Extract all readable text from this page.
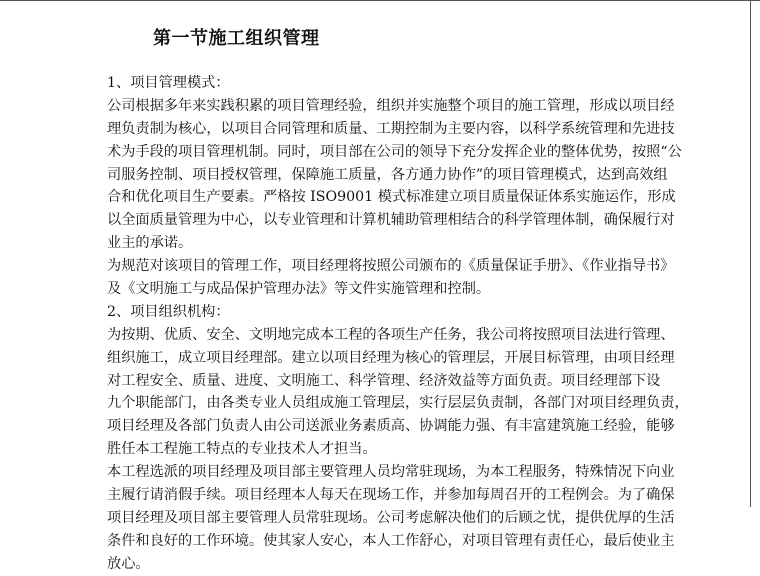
第一节施工组织管理
1、项目管理模式：
公司根据多年来实践积累的项目管理经验，组织并实施整个项目的施工管理，形成以项目经
理负责制为核心，以项目合同管理和质量、工期控制为主要内容，以科学系统管理和先进技
术为手段的项目管理机制。同时，项目部在公司的领导下充分发挥企业的整体优势，按照“公
司服务控制、项目授权管理，保障施工质量，各方通力协作”的项目管理模式，达到高效组
合和优化项目生产要素。严格按 ISO9001 模式标准建立项目质量保证体系实施运作，形成
以全面质量管理为中心，以专业管理和计算机辅助管理相结合的科学管理体制，确保履行对
业主的承诺。
为规范对该项目的管理工作，项目经理将按照公司颁布的《质量保证手册》、《作业指导书》
及《文明施工与成品保护管理办法》等文件实施管理和控制。
2、项目组织机构：
为按期、优质、安全、文明地完成本工程的各项生产任务，我公司将按照项目法进行管理、
组织施工，成立项目经理部。建立以项目经理为核心的管理层，开展目标管理，由项目经理
对工程安全、质量、进度、文明施工、科学管理、经济效益等方面负责。项目经理部下设
九个职能部门，由各类专业人员组成施工管理层，实行层层负责制，各部门对项目经理负责，
项目经理及各部门负责人由公司送派业务素质高、协调能力强、有丰富建筑施工经验，能够
胜任本工程施工特点的专业技术人才担当。
本工程选派的项目经理及项目部主要管理人员均常驻现场，为本工程服务，特殊情况下向业
主履行请消假手续。项目经理本人每天在现场工作，并参加每周召开的工程例会。为了确保
项目经理及项目部主要管理人员常驻现场。公司考虑解决他们的后顾之忧，提供优厚的生活
条件和良好的工作环境。使其家人安心，本人工作舒心，对项目管理有责任心，最后使业主
放心。
